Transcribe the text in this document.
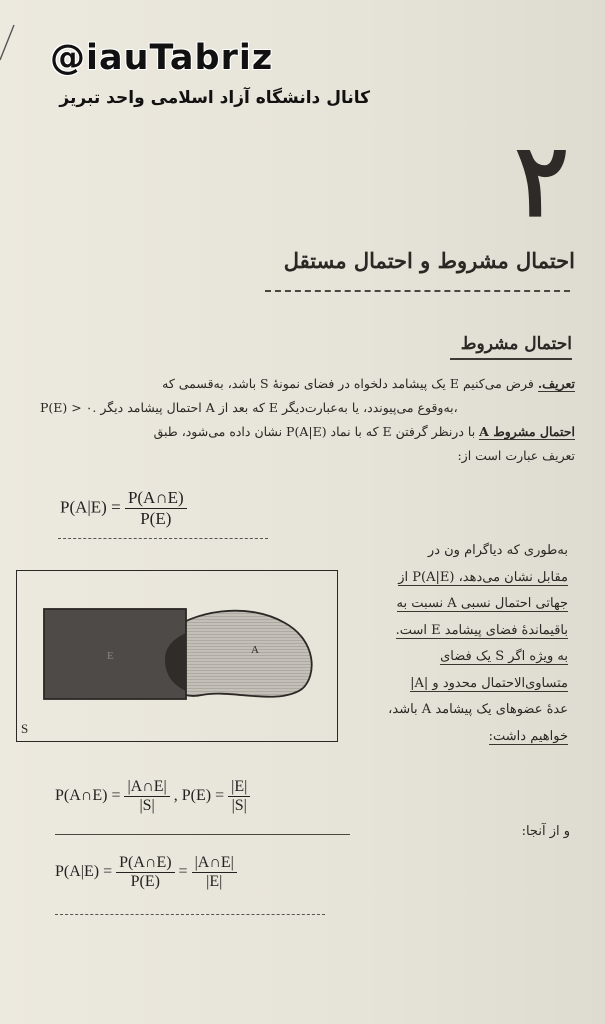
@iauTabriz
کانال دانشگاه آزاد اسلامی واحد تبریز
۲
احتمال مشروط و احتمال مستقل
احتمال مشروط
تعریف. فرض می‌کنیم E یک پیشامد دلخواه در فضای نمونهٔ S باشد، به‌قسمی که
P(E) > ۰. احتمال پیشامد دیگر A که بعد از E به‌وقوع می‌پیوندد، یا به‌عبارت‌دیگر،
احتمال مشروط A با درنظر گرفتن E که با نماد P(A|E) نشان داده می‌شود، طبق
تعریف عبارت است از:
$P(A|E) = \frac{P(A\cap E)}{P(E)}$
به‌طوری که دیاگرام ون در
مقابل نشان می‌دهد، P(A|E) از
جهاتی احتمال نسبی A نسبت به
باقیماندهٔ فضای پیشامد E است.
به ویژه اگر S یک فضای
متساوی‌الاحتمال محدود و |A|
عدهٔ عضوهای یک پیشامد A باشد،
خواهیم داشت:
E	A
S
P(A∩E) = $\frac{|A\cap E|}{|S|}$ , $P(E) = \frac{|E|}{|S|}$
و از آنجا:
$P(A|E) = \frac{P(A\cap E)}{P(E)} = \frac{|A\cap E|}{|E|}$
